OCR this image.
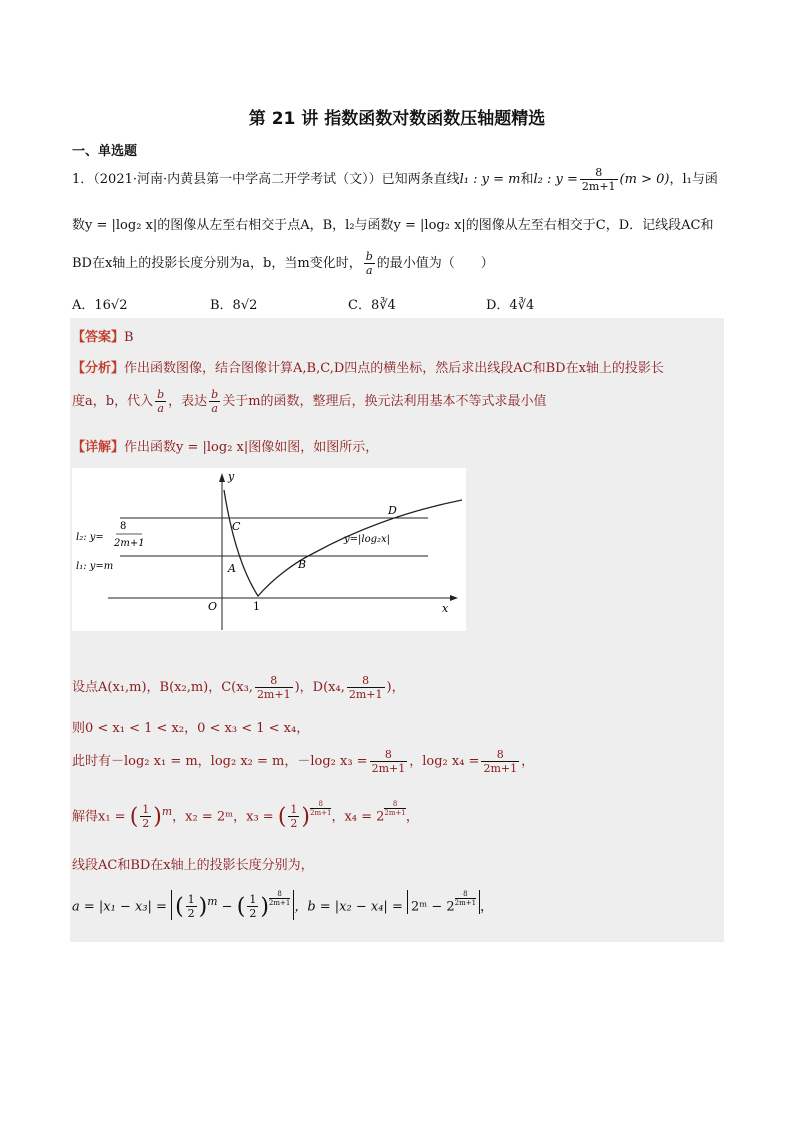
第 21 讲 指数函数对数函数压轴题精选
一、单选题
1．（2021·河南·内黄县第一中学高二开学考试（文））已知两条直线l₁ : y = m和l₂ : $y = \frac{8}{2m+1} (m > 0)$，l₁与函
数y = |log₂ x|的图像从左至右相交于点A，B，l₂与函数y = |log₂ x|的图像从左至右相交于C，D．记线段AC和
BD在x轴上的投影长度分别为a，b，当m变化时， $\frac{b}{a}$ 的最小值为（　　）
A．16√2	B．8√2	C．8∛4	D．4∛4
【答案】B
【分析】作出函数图像，结合图像计算A,B,C,D四点的横坐标，然后求出线段AC和BD在x轴上的投影长
度a，b，代入 $\frac{b}{a}$ ，表达 $\frac{b}{a}$ 关于m的函数，整理后，换元法利用基本不等式求最小值
【详解】作出函数y = |log₂ x|图像如图，如图所示，
y
x
O	1
A	B
C
D
l₂: y=
8
2m+1
l₁: y=m
y=|log₂x|
设点A(x₁,m)，B(x₂,m)，C(x₃, $\frac{8}{2m+1}$ )，D(x₄, $\frac{8}{2m+1}$ )，
则0 < x₁ < 1 < x₂，0 < x₃ < 1 < x₄，
此时有－log₂ x₁ = m，log₂ x₂ = m，－log₂ $x_3 = \frac{8}{2m+1}$ ，log₂ $x_4 = \frac{8}{2m+1}$ ，
解得x₁ = ( $\frac{1}{2} )^m$，x₂ = 2ᵐ，x₃ = ( $\frac{1}{2}$ ) $\frac{8}{2m+1}$ ，$x_4 = 2 \frac{8}{2m+1}$ ，
线段AC和BD在x轴上的投影长度分别为，
a = |x₁ − x₃| = ( $\frac{1}{2} )^m$ − ( $\frac{1}{2}$ ) $\frac{8}{2m+1}$ ，b = |x₂ − x₄| = 2ᵐ − $2 \frac{8}{2m+1}$ ，
